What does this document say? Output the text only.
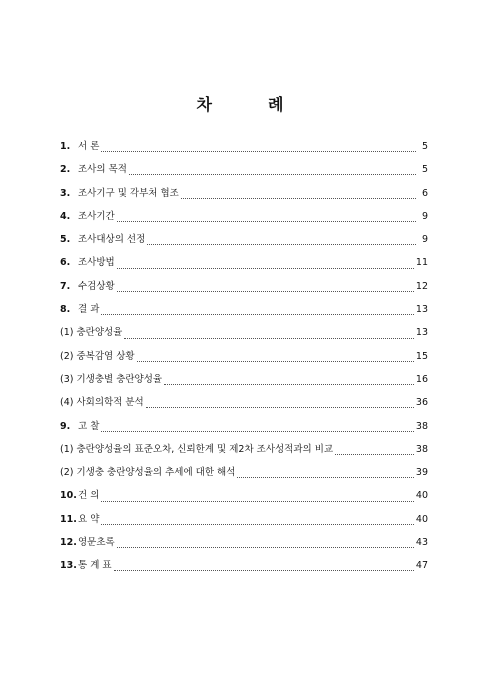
차	례
1. 서 론	5
2. 조사의 목적	5
3. 조사기구 및 각부처 협조	6
4. 조사기간	9
5. 조사대상의 선정	9
6. 조사방법	11
7. 수검상황	12
8. 결 과	13
(1) 충란양성율	13
(2) 중복감염 상황	15
(3) 기생충별 충란양성율	16
(4) 사회의학적 분석	36
9. 고 찰	38
(1) 충란양성율의 표준오차, 신뢰한계 및 제2차 조사성적과의 비교	38
(2) 기생충 충란양성율의 추세에 대한 해석	39
10. 건 의	40
11. 요 약	40
12. 영문초록	43
13. 통 계 표	47
